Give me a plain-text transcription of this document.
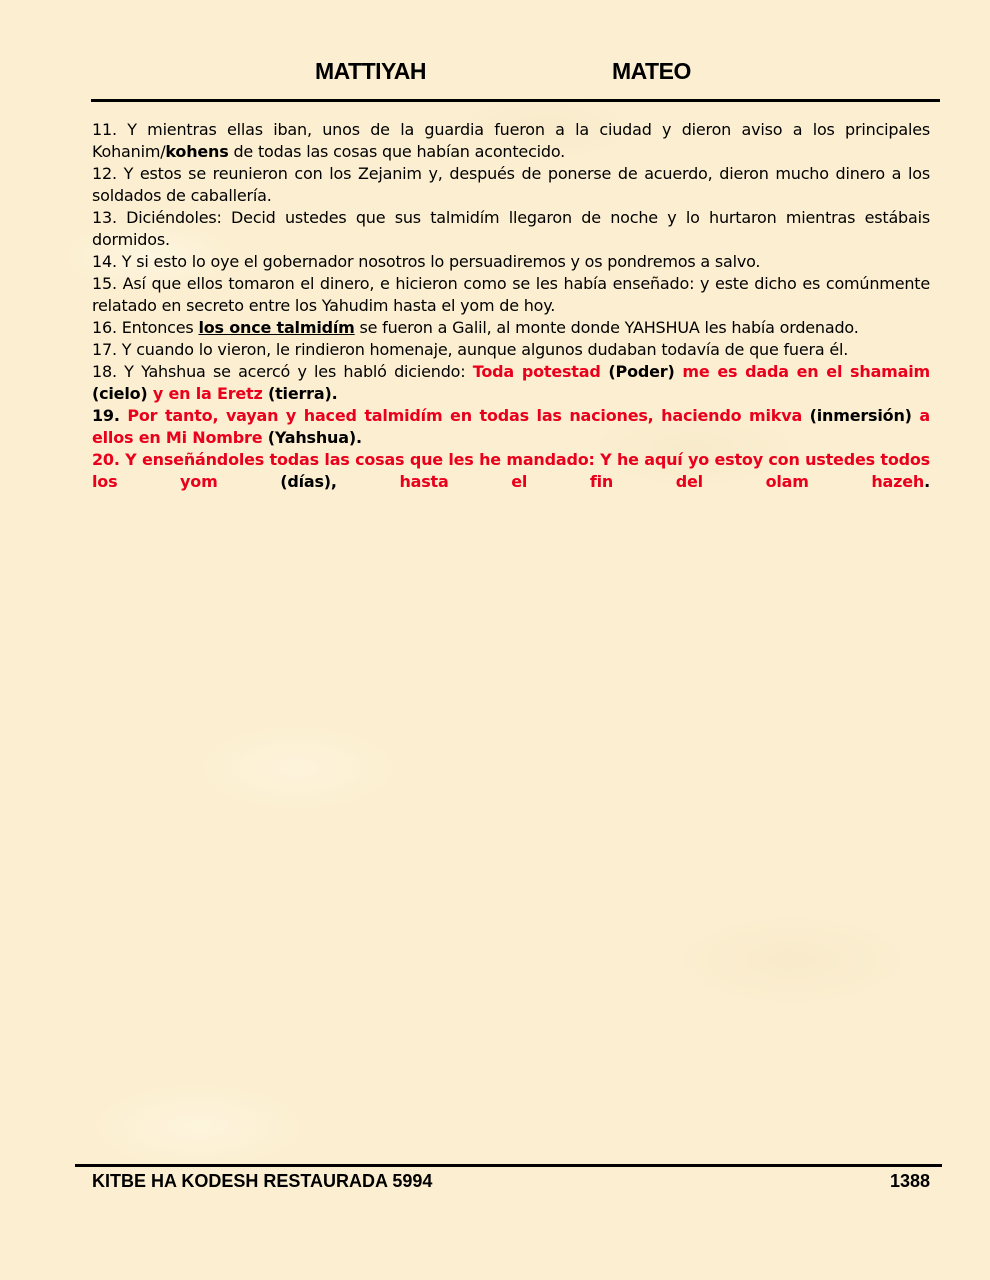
MATTIYAH	MATEO

11. Y mientras ellas iban, unos de la guardia fueron a la ciudad y dieron aviso a los principales Kohanim/kohens de todas las cosas que habían acontecido.

12. Y estos se reunieron con los Zejanim y, después de ponerse de acuerdo, dieron mucho dinero a los soldados de caballería.

13. Diciéndoles: Decid ustedes que sus talmidím llegaron de noche y lo hurtaron mientras estábais dormidos.

14. Y si esto lo oye el gobernador nosotros lo persuadiremos y os pondremos a salvo.

15. Así que ellos tomaron el dinero, e hicieron como se les había enseñado: y este dicho es comúnmente relatado en secreto entre los Yahudim hasta el yom de hoy.

16. Entonces los once talmidím se fueron a Galil, al monte donde YAHSHUA les había ordenado.

17. Y cuando lo vieron, le rindieron homenaje, aunque algunos dudaban todavía de que fuera él.

18. Y Yahshua se acercó y les habló diciendo: Toda potestad (Poder) me es dada en el shamaim (cielo) y en la Eretz (tierra).

19. Por tanto, vayan y haced talmidím en todas las naciones, haciendo mikva (inmersión) a ellos en Mi Nombre (Yahshua).

20. Y enseñándoles todas las cosas que les he mandado: Y he aquí yo estoy con ustedes todos los yom (días), hasta el fin del olam hazeh.

KITBE HA KODESH RESTAURADA 5994	1388
